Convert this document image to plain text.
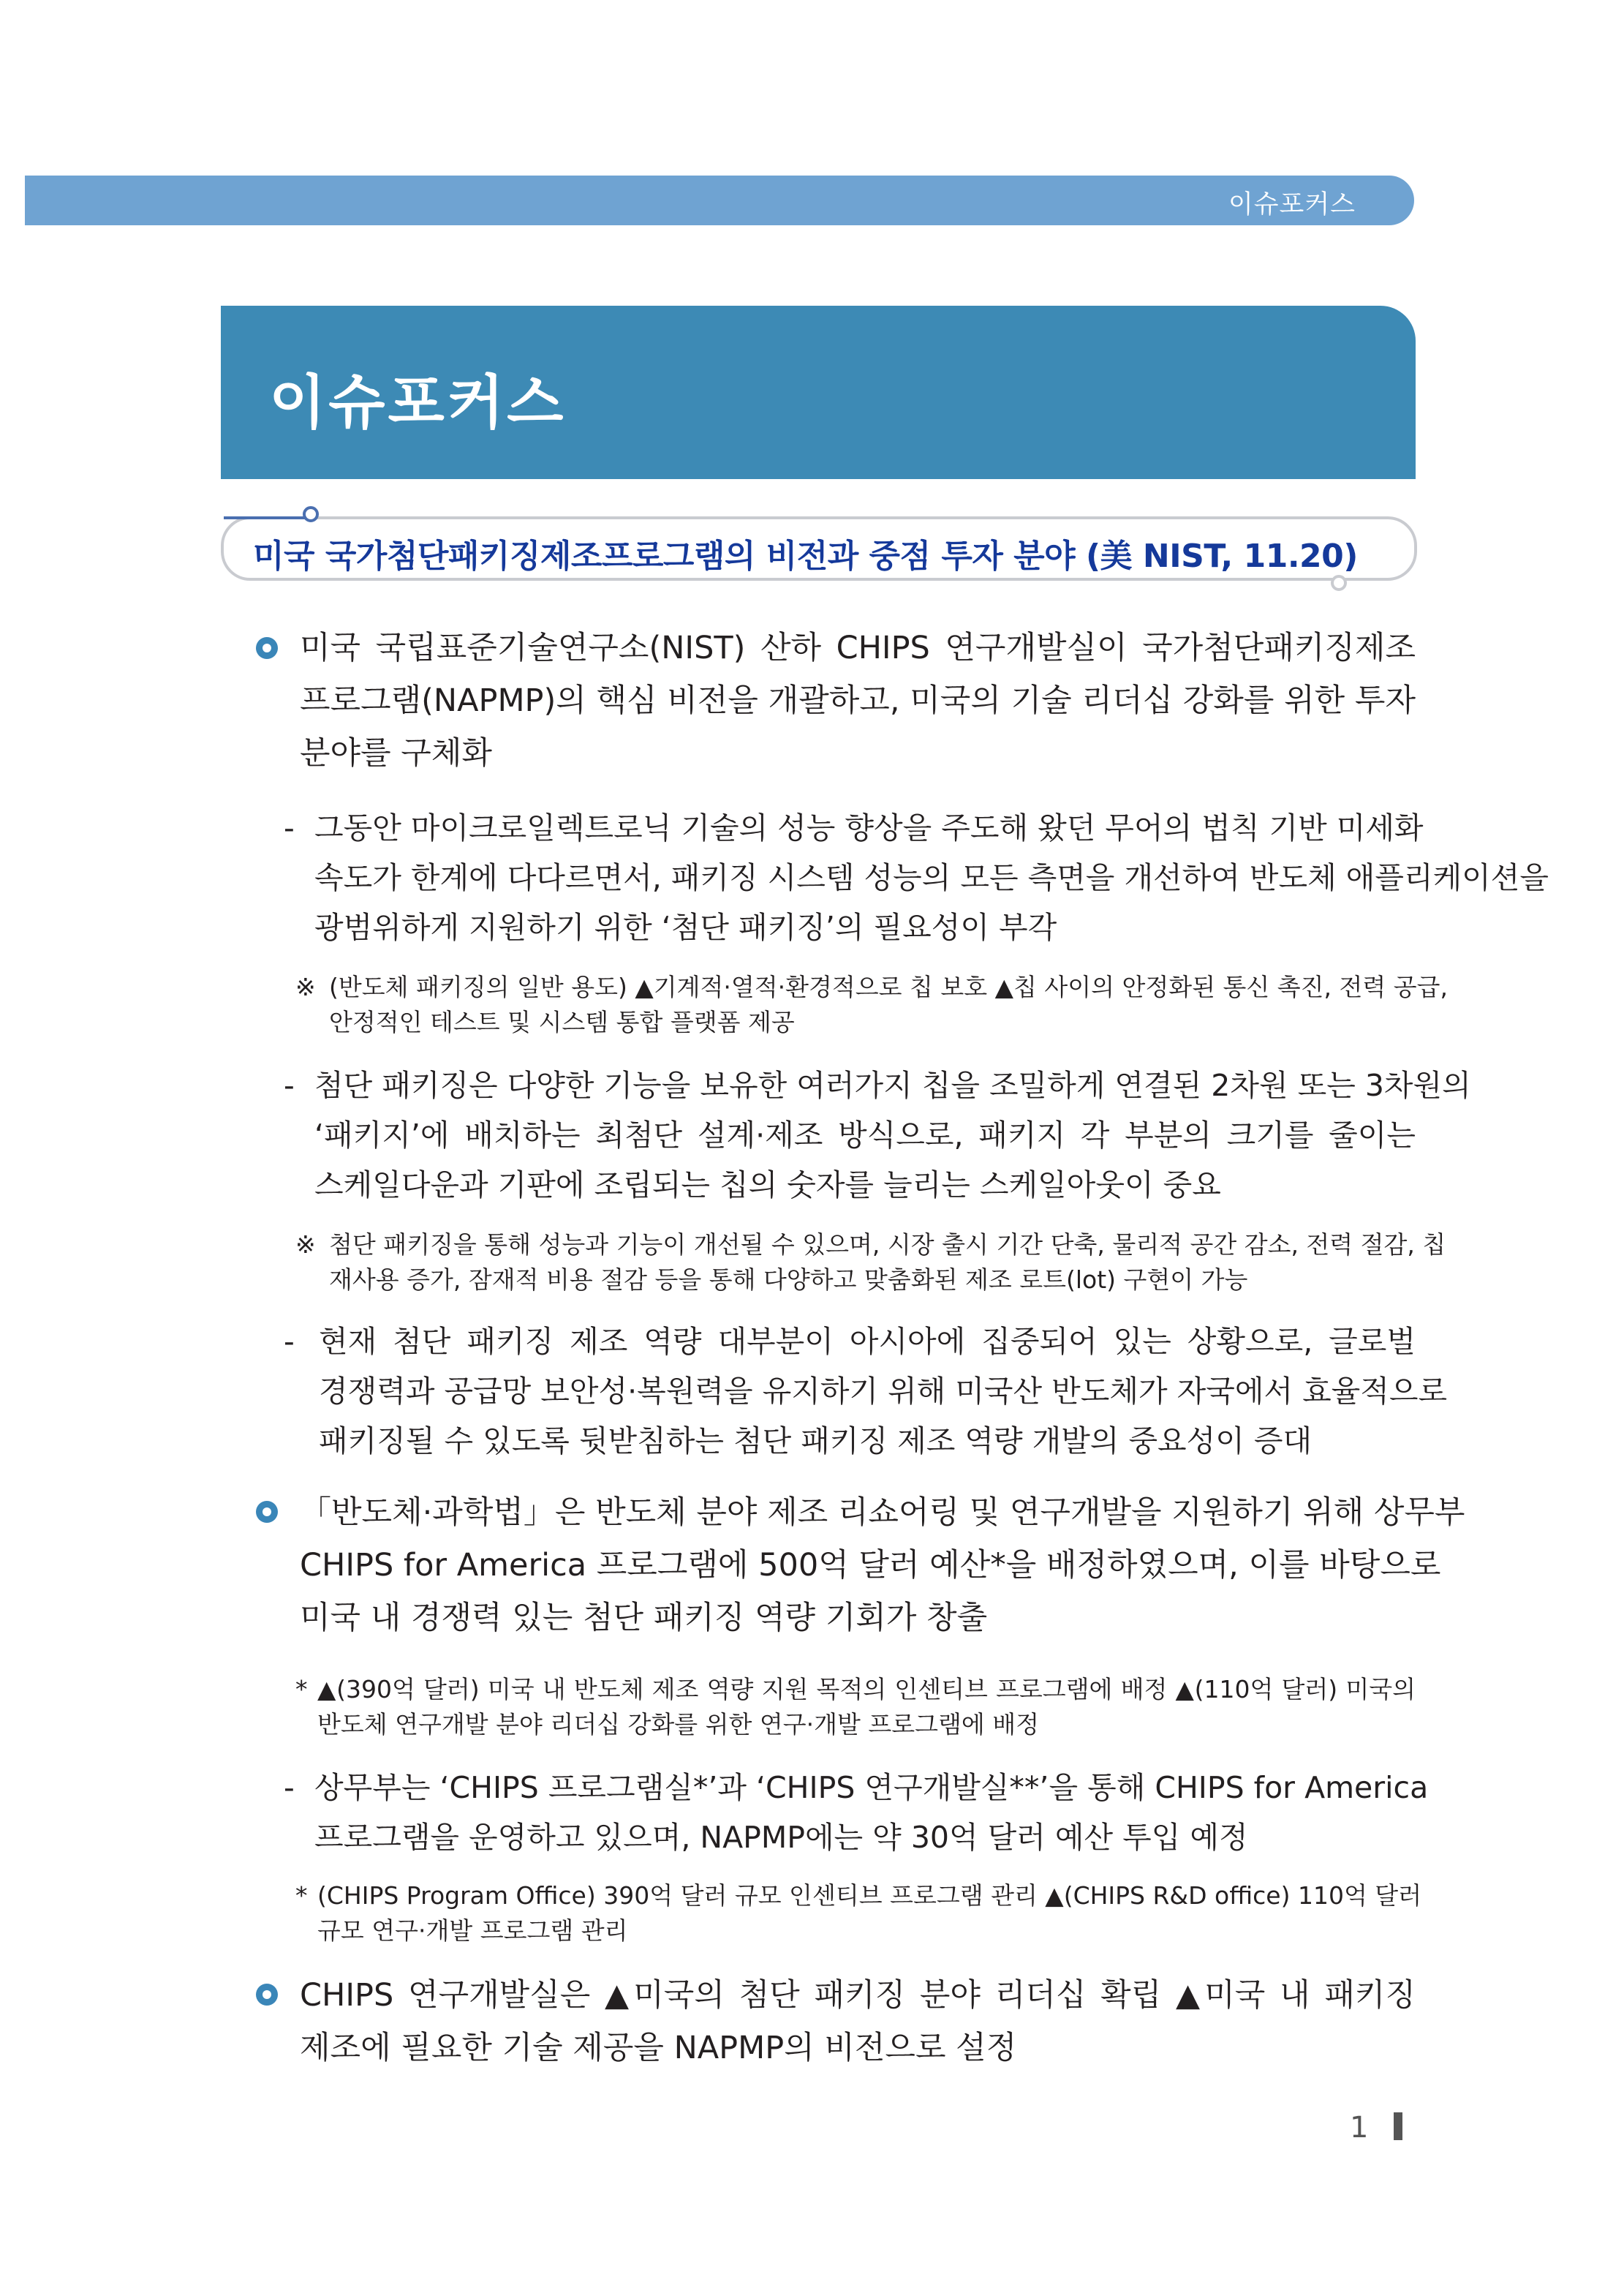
이슈포커스
이슈포커스
미국 국가첨단패키징제조프로그램의 비전과 중점 투자 분야 (美 NIST, 11.20)
미국 국립표준기술연구소(NIST) 산하 CHIPS 연구개발실이 국가첨단패키징제조
프로그램(NAPMP)의 핵심 비전을 개괄하고, 미국의 기술 리더십 강화를 위한 투자
분야를 구체화
- 그동안 마이크로일렉트로닉 기술의 성능 향상을 주도해 왔던 무어의 법칙 기반 미세화
속도가 한계에 다다르면서, 패키징 시스템 성능의 모든 측면을 개선하여 반도체 애플리케이션을
광범위하게 지원하기 위한 ‘첨단 패키징’의 필요성이 부각
※ (반도체 패키징의 일반 용도) ▲기계적·열적·환경적으로 칩 보호 ▲칩 사이의 안정화된 통신 촉진, 전력 공급,
안정적인 테스트 및 시스템 통합 플랫폼 제공
- 첨단 패키징은 다양한 기능을 보유한 여러가지 칩을 조밀하게 연결된 2차원 또는 3차원의
‘패키지’에 배치하는 최첨단 설계·제조 방식으로, 패키지 각 부분의 크기를 줄이는
스케일다운과 기판에 조립되는 칩의 숫자를 늘리는 스케일아웃이 중요
※ 첨단 패키징을 통해 성능과 기능이 개선될 수 있으며, 시장 출시 기간 단축, 물리적 공간 감소, 전력 절감, 칩
재사용 증가, 잠재적 비용 절감 등을 통해 다양하고 맞춤화된 제조 로트(lot) 구현이 가능
- 현재 첨단 패키징 제조 역량 대부분이 아시아에 집중되어 있는 상황으로, 글로벌
경쟁력과 공급망 보안성·복원력을 유지하기 위해 미국산 반도체가 자국에서 효율적으로
패키징될 수 있도록 뒷받침하는 첨단 패키징 제조 역량 개발의 중요성이 증대
「반도체·과학법」은 반도체 분야 제조 리쇼어링 및 연구개발을 지원하기 위해 상무부
CHIPS for America 프로그램에 500억 달러 예산*을 배정하였으며, 이를 바탕으로
미국 내 경쟁력 있는 첨단 패키징 역량 기회가 창출
* ▲(390억 달러) 미국 내 반도체 제조 역량 지원 목적의 인센티브 프로그램에 배정 ▲(110억 달러) 미국의
반도체 연구개발 분야 리더십 강화를 위한 연구·개발 프로그램에 배정
- 상무부는 ‘CHIPS 프로그램실*’과 ‘CHIPS 연구개발실**’을 통해 CHIPS for America
프로그램을 운영하고 있으며, NAPMP에는 약 30억 달러 예산 투입 예정
* (CHIPS Program Office) 390억 달러 규모 인센티브 프로그램 관리 ▲(CHIPS R&D office) 110억 달러
규모 연구·개발 프로그램 관리
CHIPS 연구개발실은 ▲미국의 첨단 패키징 분야 리더십 확립 ▲미국 내 패키징
제조에 필요한 기술 제공을 NAPMP의 비전으로 설정
1
